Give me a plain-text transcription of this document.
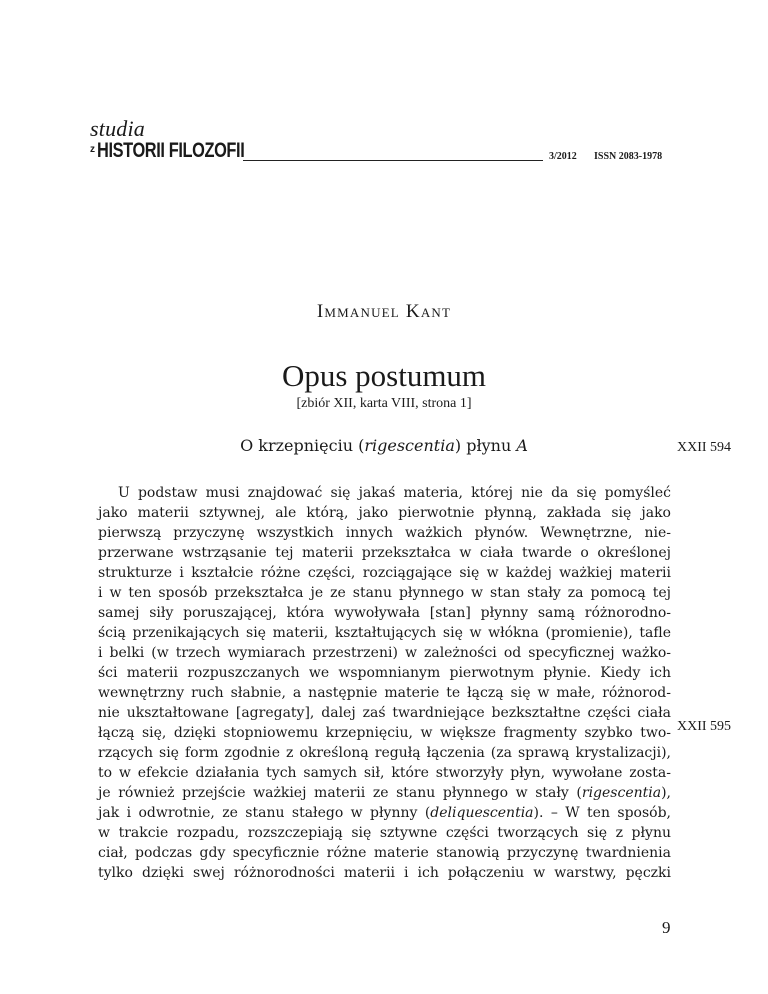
studia
z HISTORII FILOZOFII	3/2012 ISSN 2083-1978
Immanuel Kant
Opus postumum
[zbiór XII, karta VIII, strona 1]
O krzepnięciu (rigescentia) płynu A	XXII 594
XXII 595
U podstaw musi znajdować się jakaś materia, której nie da się pomyśleć
jako materii sztywnej, ale którą, jako pierwotnie płynną, zakłada się jako
pierwszą przyczynę wszystkich innych ważkich płynów. Wewnętrzne, nie-
przerwane wstrząsanie tej materii przekształca w ciała twarde o określonej
strukturze i kształcie różne części, rozciągające się w każdej ważkiej materii
i w ten sposób przekształca je ze stanu płynnego w stan stały za pomocą tej
samej siły poruszającej, która wywoływała [stan] płynny samą różnorodno-
ścią przenikających się materii, kształtujących się w włókna (promienie), tafle
i belki (w trzech wymiarach przestrzeni) w zależności od specyficznej ważko-
ści materii rozpuszczanych we wspomnianym pierwotnym płynie. Kiedy ich
wewnętrzny ruch słabnie, a następnie materie te łączą się w małe, różnorod-
nie ukształtowane [agregaty], dalej zaś twardniejące bezkształtne części ciała
łączą się, dzięki stopniowemu krzepnięciu, w większe fragmenty szybko two-
rzących się form zgodnie z określoną regułą łączenia (za sprawą krystalizacji),
to w efekcie działania tych samych sił, które stworzyły płyn, wywołane zosta-
je również przejście ważkiej materii ze stanu płynnego w stały (rigescentia),
jak i odwrotnie, ze stanu stałego w płynny (deliquescentia). – W ten sposób,
w trakcie rozpadu, rozszczepiają się sztywne części tworzących się z płynu
ciał, podczas gdy specyficznie różne materie stanowią przyczynę twardnienia
tylko dzięki swej różnorodności materii i ich połączeniu w warstwy, pęczki
9
